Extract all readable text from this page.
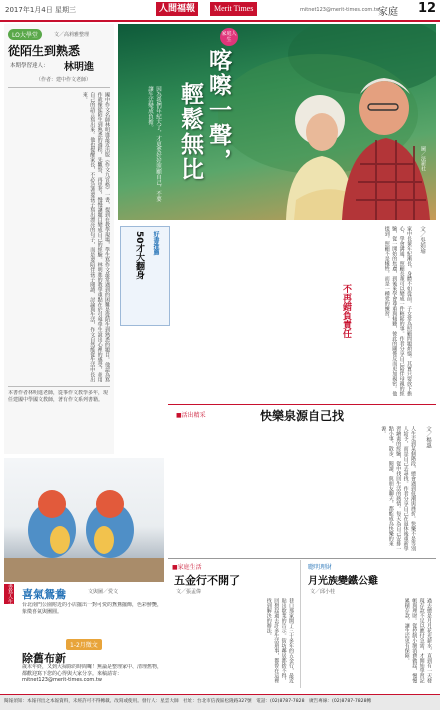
2017年1月4日 星期三	人間福報	Merit Times	mitnet123@merit-times.com.tw
家庭 12
LO大學堂	文／高莉雅整理
從陌生到熟悉
本期學習達人： 林明進
（作者：建中作文老師）
國中作文名師林明進最近出版《作文九宮格》一書，提到在教學現場，學生寫作文最常遇到的困難是從陌生到熟悉的題目。他認為寫作就像從陌生到熟悉的過程，先觀察、再思考，慢慢讓題目變成自己的經驗。林明進的教學重點在於引導學生說出心裡的感受，並用自己的語言寫出來。他也提醒家長，不必急著要孩子寫出漂亮的句子，而是要陪伴孩子閱讀、討論與生活，作文自然能從生活中長出來。
本書作者林明進老師，從事作文教學多年，現任建國中學國文教師，著有作文系列書籍。
家庭人生
喀嚓一聲，
輕鬆無比
因為我們年紀大了，才更要好好照顧自己，不要讓生活變成負擔。
圖／法新社
文／吳娟瑜
不再錯負責任	家中長輩年紀漸長，身體不如從前，子女常為照顧問題煩惱。其實只要放下擔心，學會溝通，照顧長輩可以變成一件輕鬆的事。作者分享自己陪伴母親的經驗，從一開始的焦慮，到後來學會尊重與傾聽，彼此的關係反而更加親密。他提到，照顧不是犧牲，而是一種愛的練習。
好書推薦
50才大翻身
■活出精采	快樂泉源自己找
文／楊惠
人生走到某個階段，總會遇到低潮與挫折。快樂不是等別人給予，而是自己去尋找。作者分享自己在退休後重新學習繪畫的經驗，從中找回生活的熱情。每天為自己安排一點小事，散步、閱讀、與朋友聊天，都能成為快樂的來源。
書寫人生 喜氣鴛鴦	文與圖／愛文
台北南門公園附近的小店擺出一對可愛的鴛鴦擺飾，色彩鮮艷，象徵喜氣與團圓。
1-2月徵文
除舊布新
歲末年終，又到大掃除的時間囉！無論是整理家中、清理舊物，都歡迎寫下您的心得與大家分享。來稿請寄：mitnet123@merit-times.com.tw
■家庭生活
五金行不開了
文／張孟偉
巷口那家開了三十多年的五金行，最近貼出歇業的告示。街坊鄰居都捨不得，回想起過去許多生活瑣事，都曾在這裡找到解決的辦法。
聰明理財
月光族變鐵公雞
文／邱小桂
過去總是月月花光薪水，直到有一天發現存款不足以應付急需，才開始學習記帳與理財。從控制小額消費做起，慢慢累積存款，讓生活更有保障。
閱報須知：本報刊出之本報資料，未經許可不得轉載、改寫或使用。發行人：星雲大師　社址：台北市信義區松隆路327號　電話：(02)8787-7828　廣告專線：(02)8787-7828轉
